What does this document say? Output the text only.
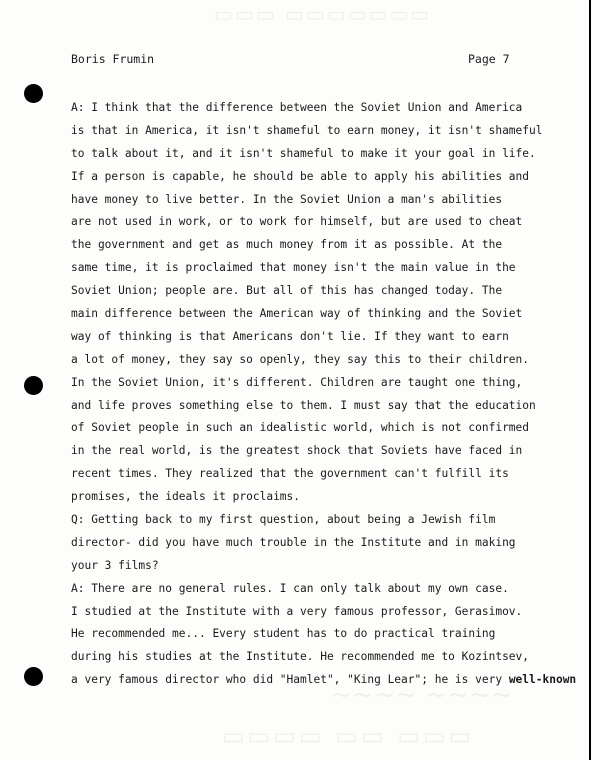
▭▭▭ ▭▭▭▭▭▭▭
~~~~ ~~~~
▭▭▭▭ ▭▭ ▭▭▭
Boris Frumin	Page 7
A: I think that the difference between the Soviet Union and America
is that in America, it isn't shameful to earn money, it isn't shameful
to talk about it, and it isn't shameful to make it your goal in life.
If a person is capable, he should be able to apply his abilities and
have money to live better. In the Soviet Union a man's abilities
are not used in work, or to work for himself, but are used to cheat
the government and get as much money from it as possible. At the
same time, it is proclaimed that money isn't the main value in the
Soviet Union; people are. But all of this has changed today. The
main difference between the American way of thinking and the Soviet
way of thinking is that Americans don't lie. If they want to earn
a lot of money, they say so openly, they say this to their children.
In the Soviet Union, it's different. Children are taught one thing,
and life proves something else to them. I must say that the education
of Soviet people in such an idealistic world, which is not confirmed
in the real world, is the greatest shock that Soviets have faced in
recent times. They realized that the government can't fulfill its
promises, the ideals it proclaims.
Q: Getting back to my first question, about being a Jewish film
director- did you have much trouble in the Institute and in making
your 3 films?
A: There are no general rules. I can only talk about my own case.
I studied at the Institute with a very famous professor, Gerasimov.
He recommended me... Every student has to do practical training
during his studies at the Institute. He recommended me to Kozintsev,
a very famous director who did "Hamlet", "King Lear"; he is very well-known
